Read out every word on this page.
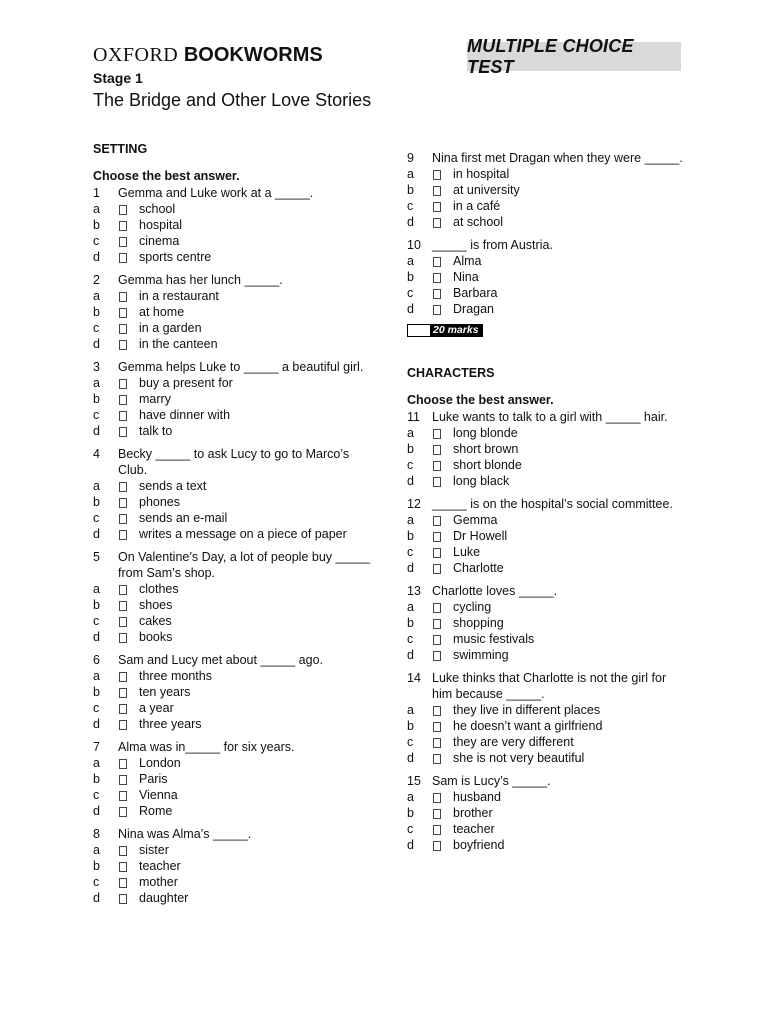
OXFORD BOOKWORMS	MULTIPLE CHOICE TEST
Stage 1
The Bridge and Other Love Stories
SETTING
Choose the best answer.
1	Gemma and Luke work at a _____.
a	school
b	hospital
c	cinema
d	sports centre
2	Gemma has her lunch _____.
a	in a restaurant
b	at home
c	in a garden
d	in the canteen
3	Gemma helps Luke to _____ a beautiful girl.
a	buy a present for
b	marry
c	have dinner with
d	talk to
4	Becky _____ to ask Lucy to go to Marco’s Club.
a	sends a text
b	phones
c	sends an e-mail
d	writes a message on a piece of paper
5	On Valentine’s Day, a lot of people buy _____ from Sam’s shop.
a	clothes
b	shoes
c	cakes
d	books
6	Sam and Lucy met about _____ ago.
a	three months
b	ten years
c	a year
d	three years
7	Alma was in_____ for six years.
a	London
b	Paris
c	Vienna
d	Rome
8	Nina was Alma’s _____.
a	sister
b	teacher
c	mother
d	daughter
9	Nina first met Dragan when they were _____.
a	in hospital
b	at university
c	in a café
d	at school
10 _____ is from Austria.
a	Alma
b	Nina
c	Barbara
d	Dragan
20 marks
CHARACTERS
Choose the best answer.
11 Luke wants to talk to a girl with _____ hair.
a	long blonde
b	short brown
c	short blonde
d	long black
12 _____ is on the hospital’s social committee.
a	Gemma
b	Dr Howell
c	Luke
d	Charlotte
13 Charlotte loves _____.
a	cycling
b	shopping
c	music festivals
d	swimming
14 Luke thinks that Charlotte is not the girl for him because _____.
a	they live in different places
b	he doesn’t want a girlfriend
c	they are very different
d	she is not very beautiful
15 Sam is Lucy’s _____.
a	husband
b	brother
c	teacher
d	boyfriend
